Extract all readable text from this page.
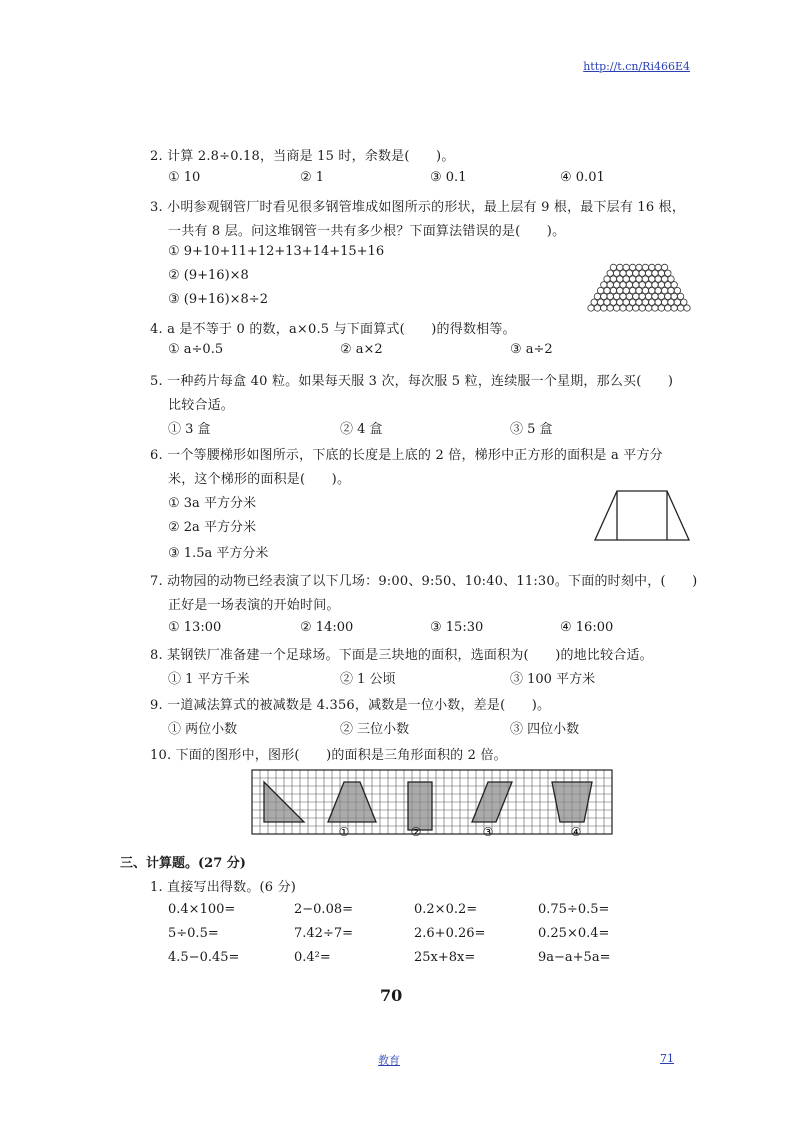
http://t.cn/Ri466E4
2. 计算 2.8÷0.18，当商是 15 时，余数是(　　)。
① 10	② 1	③ 0.1	④ 0.01
3. 小明参观钢管厂时看见很多钢管堆成如图所示的形状，最上层有 9 根，最下层有 16 根，
一共有 8 层。问这堆钢管一共有多少根？下面算法错误的是(　　)。
① 9+10+11+12+13+14+15+16
② (9+16)×8
③ (9+16)×8÷2
4. a 是不等于 0 的数，a×0.5 与下面算式(　　)的得数相等。
① a÷0.5	② a×2	③ a÷2
5. 一种药片每盒 40 粒。如果每天服 3 次，每次服 5 粒，连续服一个星期，那么买(　　)
比较合适。
① 3 盒	② 4 盒	③ 5 盒
6. 一个等腰梯形如图所示，下底的长度是上底的 2 倍，梯形中正方形的面积是 a 平方分
米，这个梯形的面积是(　　)。
① 3a 平方分米
② 2a 平方分米
③ 1.5a 平方分米
7. 动物园的动物已经表演了以下几场：9:00、9:50、10:40、11:30。下面的时刻中，(　　)
正好是一场表演的开始时间。
① 13:00	② 14:00	③ 15:30	④ 16:00
8. 某钢铁厂准备建一个足球场。下面是三块地的面积，选面积为(　　)的地比较合适。
① 1 平方千米	② 1 公顷	③ 100 平方米
9. 一道减法算式的被减数是 4.356，减数是一位小数，差是(　　)。
① 两位小数	② 三位小数	③ 四位小数
10. 下面的图形中，图形(　　)的面积是三角形面积的 2 倍。
①	②	③	④
三、计算题。(27 分)
1. 直接写出得数。(6 分)
0.4×100=	2−0.08=	0.2×0.2=	0.75÷0.5=
5÷0.5=	7.42÷7=	2.6+0.26=	0.25×0.4=
4.5−0.45=	0.4²=	25x+8x=	9a−a+5a=
70
教育	71
